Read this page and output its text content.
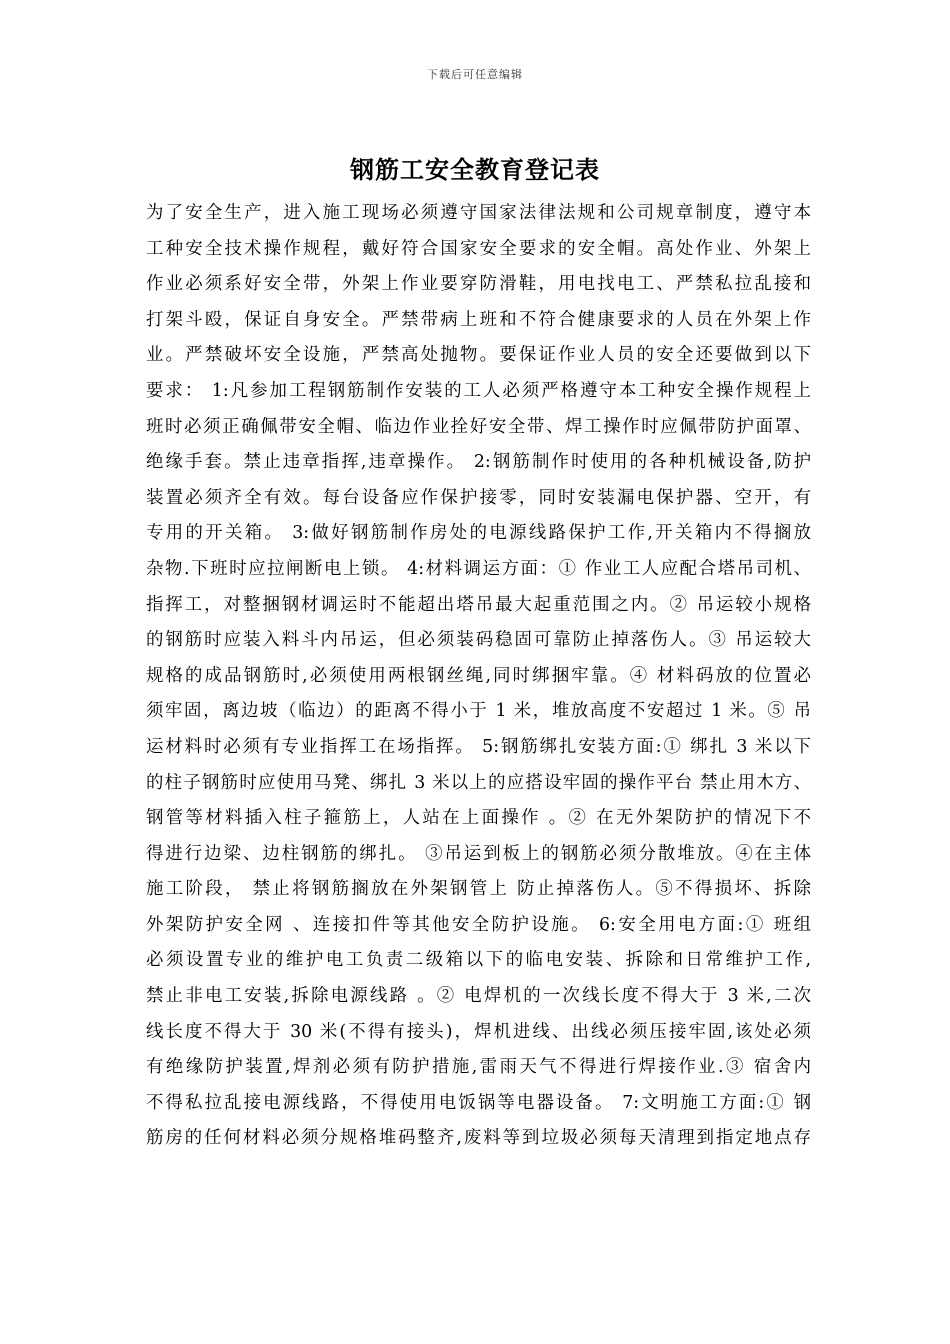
下载后可任意编辑
钢筋工安全教育登记表
为了安全生产，进入施工现场必须遵守国家法律法规和公司规章制度，遵守本
工种安全技术操作规程，戴好符合国家安全要求的安全帽。高处作业、外架上
作业必须系好安全带，外架上作业要穿防滑鞋，用电找电工、严禁私拉乱接和
打架斗殴，保证自身安全。严禁带病上班和不符合健康要求的人员在外架上作
业。严禁破坏安全设施，严禁高处抛物。要保证作业人员的安全还要做到以下
要求： 1:凡参加工程钢筋制作安装的工人必须严格遵守本工种安全操作规程上
班时必须正确佩带安全帽、临边作业拴好安全带、焊工操作时应佩带防护面罩、
绝缘手套。禁止违章指挥,违章操作。 2:钢筋制作时使用的各种机械设备,防护
装置必须齐全有效。每台设备应作保护接零，同时安装漏电保护器、空开，有
专用的开关箱。 3:做好钢筋制作房处的电源线路保护工作,开关箱内不得搁放
杂物.下班时应拉闸断电上锁。 4:材料调运方面：① 作业工人应配合塔吊司机、
指挥工，对整捆钢材调运时不能超出塔吊最大起重范围之内。② 吊运较小规格
的钢筋时应装入料斗内吊运，但必须装码稳固可靠防止掉落伤人。③ 吊运较大
规格的成品钢筋时,必须使用两根钢丝绳,同时绑捆牢靠。④ 材料码放的位置必
须牢固，离边坡（临边）的距离不得小于 1 米，堆放高度不安超过 1 米。⑤ 吊
运材料时必须有专业指挥工在场指挥。 5:钢筋绑扎安装方面:① 绑扎 3 米以下
的柱子钢筋时应使用马凳、绑扎 3 米以上的应搭设牢固的操作平台 禁止用木方、
钢管等材料插入柱子箍筋上，人站在上面操作 。② 在无外架防护的情况下不
得进行边梁、边柱钢筋的绑扎。 ③吊运到板上的钢筋必须分散堆放。④在主体
施工阶段， 禁止将钢筋搁放在外架钢管上 防止掉落伤人。⑤不得损坏、拆除
外架防护安全网 、连接扣件等其他安全防护设施。 6:安全用电方面:① 班组
必须设置专业的维护电工负责二级箱以下的临电安装、拆除和日常维护工作,
禁止非电工安装,拆除电源线路 。② 电焊机的一次线长度不得大于 3 米,二次
线长度不得大于 30 米(不得有接头)，焊机进线、出线必须压接牢固,该处必须
有绝缘防护装置,焊剂必须有防护措施,雷雨天气不得进行焊接作业.③ 宿舍内
不得私拉乱接电源线路，不得使用电饭锅等电器设备。 7:文明施工方面:① 钢
筋房的任何材料必须分规格堆码整齐,废料等到垃圾必须每天清理到指定地点存
